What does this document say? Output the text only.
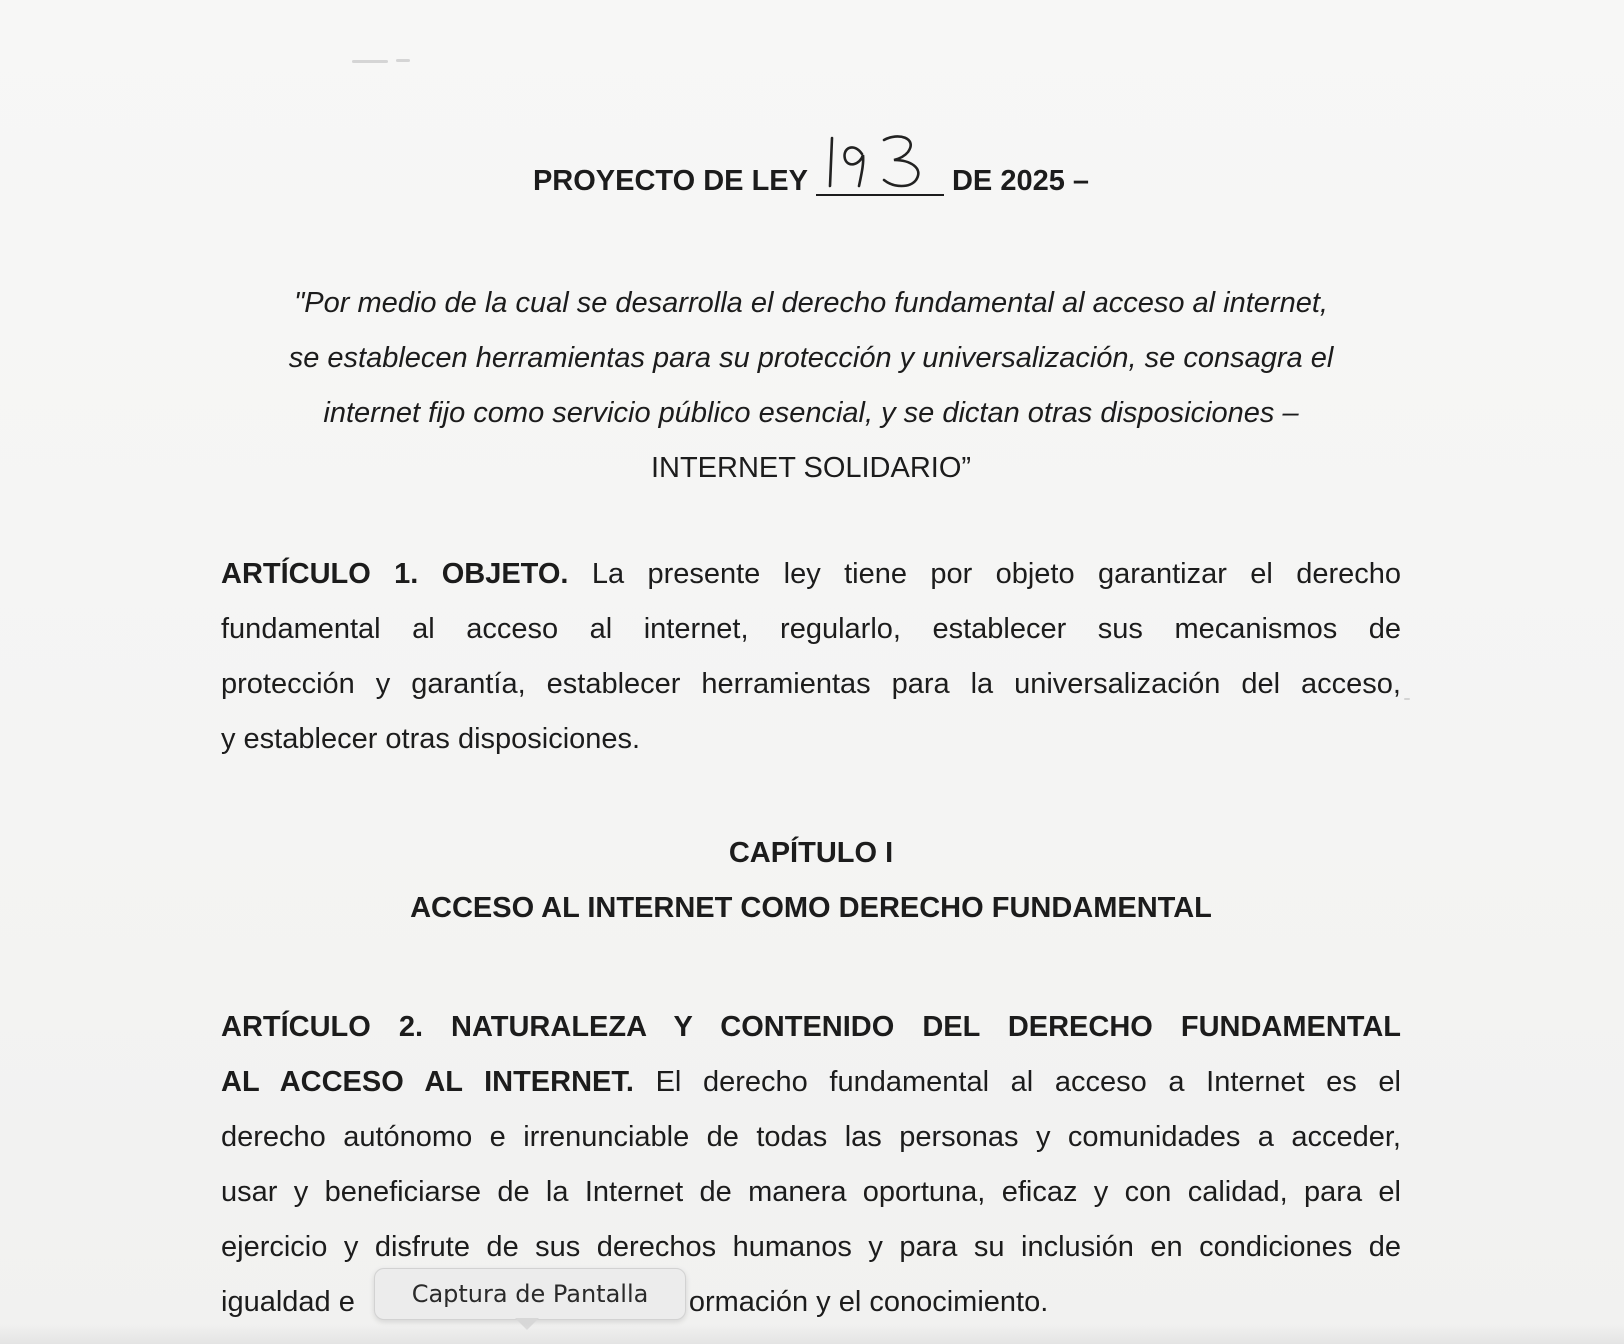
PROYECTO DE LEY	DE 2025 –
"Por medio de la cual se desarrolla el derecho fundamental al acceso al internet,
se establecen herramientas para su protección y universalización, se consagra el
internet fijo como servicio público esencial, y se dictan otras disposiciones –
INTERNET SOLIDARIO”
ARTÍCULO 1. OBJETO. La presente ley tiene por objeto garantizar el derecho
fundamental al acceso al internet, regularlo, establecer sus mecanismos de
protección y garantía, establecer herramientas para la universalización del acceso,
y establecer otras disposiciones.
CAPÍTULO I
ACCESO AL INTERNET COMO DERECHO FUNDAMENTAL
ARTÍCULO 2. NATURALEZA Y CONTENIDO DEL DERECHO FUNDAMENTAL
AL ACCESO AL INTERNET. El derecho fundamental al acceso a Internet es el
derecho autónomo e irrenunciable de todas las personas y comunidades a acceder,
usar y beneficiarse de la Internet de manera oportuna, eficaz y con calidad, para el
ejercicio y disfrute de sus derechos humanos y para su inclusión en condiciones de
igualdad e	ormación y el conocimiento.
Captura de Pantalla
